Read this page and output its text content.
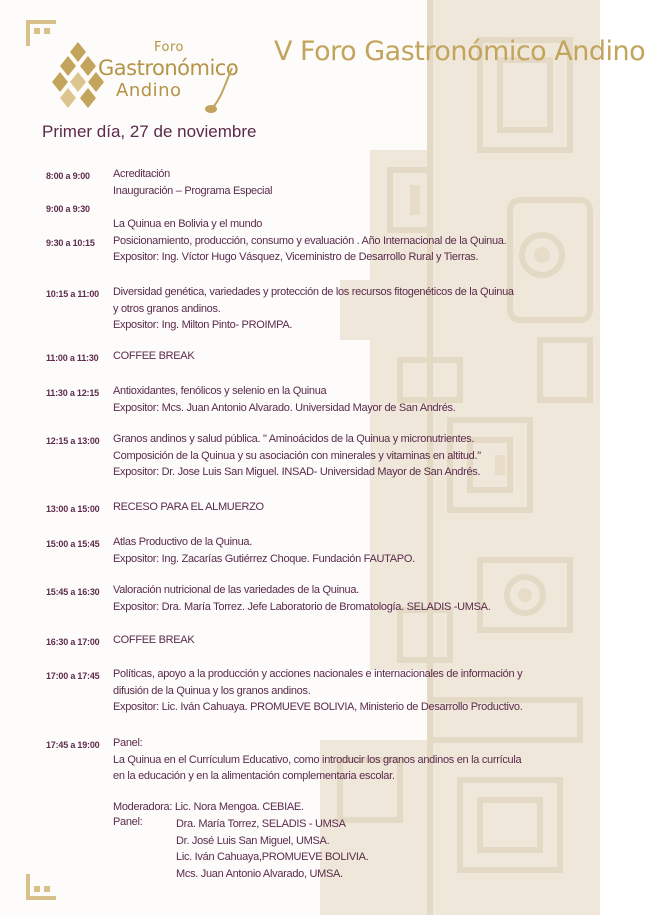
Foro
Gastronómico
Andino
V Foro Gastronómico Andino
Primer día, 27 de noviembre
8:00 a 9:00 Acreditación
Inauguración – Programa Especial
9:00 a 9:30
La Quinua en Bolivia y el mundo
Posicionamiento, producción, consumo y evaluación . Año Internacional de la Quinua.
Expositor: Ing. Víctor Hugo Vásquez, Viceministro de Desarrollo Rural y Tierras.
9:30 a 10:15
10:15 a 11:00 Diversidad genética, variedades y protección de los recursos fitogenéticos de la Quinua
y otros granos andinos.
Expositor: Ing. Milton Pinto- PROIMPA.
11:00 a 11:30 COFFEE BREAK
11:30 a 12:15 Antioxidantes, fenólicos y selenio en la Quinua
Expositor: Mcs. Juan Antonio Alvarado. Universidad Mayor de San Andrés.
12:15 a 13:00 Granos andinos y salud pública. " Aminoácidos de la Quinua y micronutrientes.
Composición de la Quinua y su asociación con minerales y vitaminas en altitud."
Expositor: Dr. Jose Luis San Miguel. INSAD- Universidad Mayor de San Andrés.
13:00 a 15:00 RECESO PARA EL ALMUERZO
15:00 a 15:45 Atlas Productivo de la Quinua.
Expositor: Ing. Zacarías Gutiérrez Choque. Fundación FAUTAPO.
15:45 a 16:30 Valoración nutricional de las variedades de la Quinua.
Expositor: Dra. María Torrez. Jefe Laboratorio de Bromatología. SELADIS -UMSA.
16:30 a 17:00 COFFEE BREAK
17:00 a 17:45 Políticas, apoyo a la producción y acciones nacionales e internacionales de información y
difusión de la Quinua y los granos andinos.
Expositor: Lic. Iván Cahuaya. PROMUEVE BOLIVIA, Ministerio de Desarrollo Productivo.
17:45 a 19:00 Panel:
La Quinua en el Currículum Educativo, como introducir los granos andinos en la currícula
en la educación y en la alimentación complementaria escolar.
Moderadora: Lic. Nora Mengoa. CEBIAE.
Panel:	Dra. María Torrez, SELADIS - UMSA
Dr. José Luis San Miguel, UMSA.
Lic. Iván Cahuaya,PROMUEVE BOLIVIA.
Mcs. Juan Antonio Alvarado, UMSA.
